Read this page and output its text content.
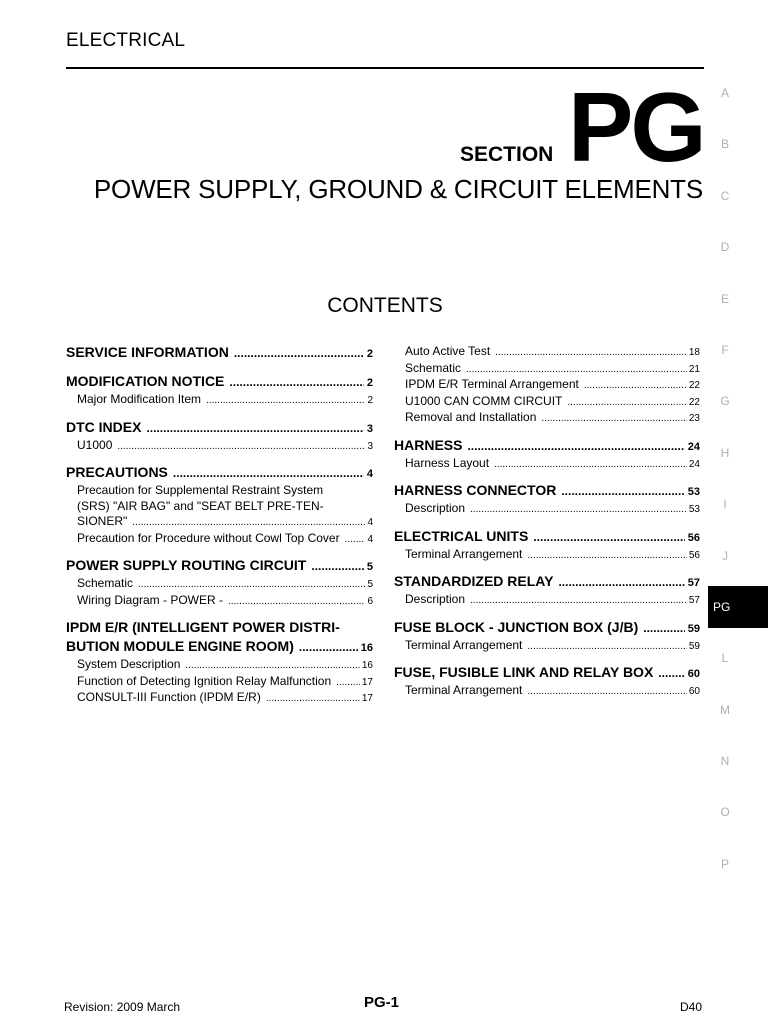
ELECTRICAL
SECTION PG
POWER SUPPLY, GROUND & CIRCUIT ELEMENTS
CONTENTS
SERVICE INFORMATION .....	2
MODIFICATION NOTICE .....	2
Major Modification Item .....	2
DTC INDEX .....	3
U1000 .....	3
PRECAUTIONS .....	4
Precaution for Supplemental Restraint System
(SRS) "AIR BAG" and "SEAT BELT PRE-TEN-
SIONER" .....	4
Precaution for Procedure without Cowl Top Cover .....	4
POWER SUPPLY ROUTING CIRCUIT .....	5
Schematic .....	5
Wiring Diagram - POWER - .....	6
IPDM E/R (INTELLIGENT POWER DISTRI-
BUTION MODULE ENGINE ROOM) .....	16
System Description .....	16
Function of Detecting Ignition Relay Malfunction .....	17
CONSULT-III Function (IPDM E/R) .....	17
Auto Active Test .....	18
Schematic .....	21
IPDM E/R Terminal Arrangement .....	22
U1000 CAN COMM CIRCUIT .....	22
Removal and Installation .....	23
HARNESS .....	24
Harness Layout .....	24
HARNESS CONNECTOR .....	53
Description .....	53
ELECTRICAL UNITS .....	56
Terminal Arrangement .....	56
STANDARDIZED RELAY .....	57
Description .....	57
FUSE BLOCK - JUNCTION BOX (J/B) .....	59
Terminal Arrangement .....	59
FUSE, FUSIBLE LINK AND RELAY BOX .....	60
Terminal Arrangement .....	60
A
B
C
D
E
F
G
H
I
J
L
M
N
O
P
PG
Revision: 2009 March	PG-1	D40
